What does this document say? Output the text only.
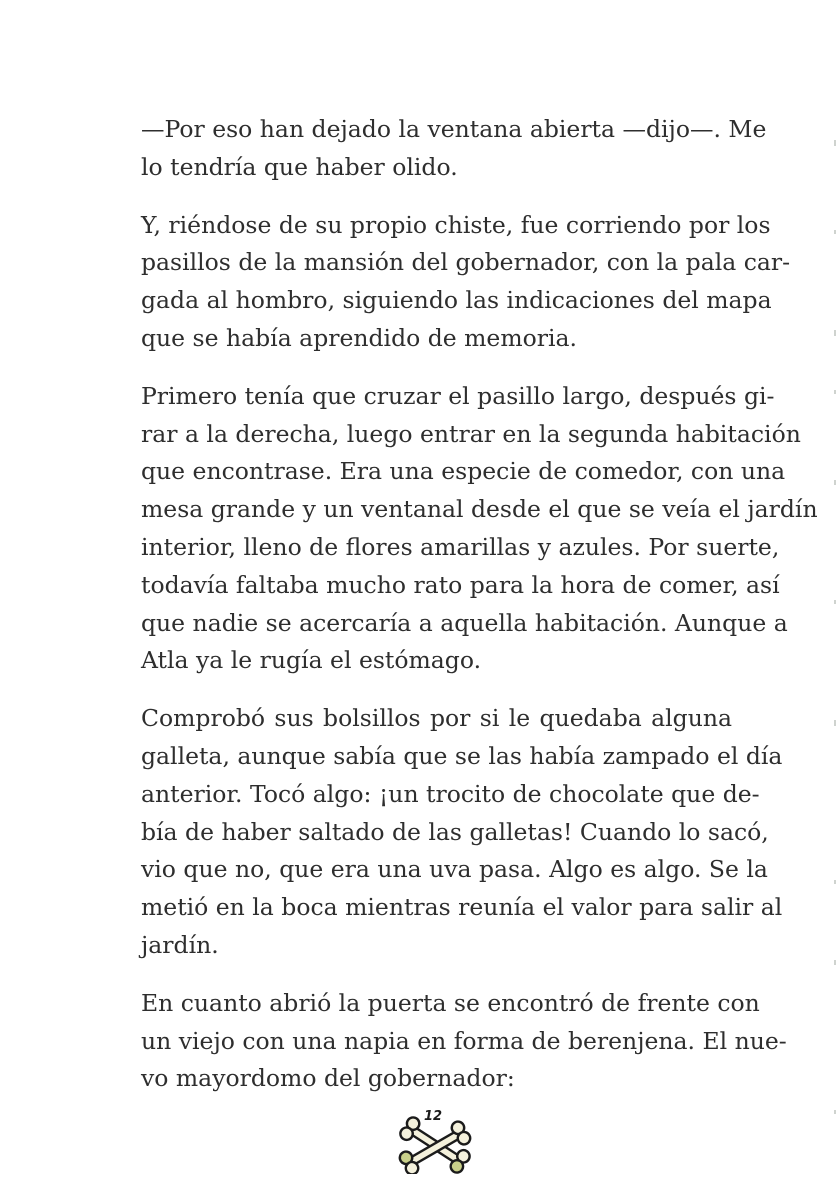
—Por eso han dejado la ventana abierta —dijo—. Me
lo tendría que haber olido.

Y, riéndose de su propio chiste, fue corriendo por los
pasillos de la mansión del gobernador, con la pala car-
gada al hombro, siguiendo las indicaciones del mapa
que se había aprendido de memoria.

Primero tenía que cruzar el pasillo largo, después gi-
rar a la derecha, luego entrar en la segunda habitación
que encontrase. Era una especie de comedor, con una
mesa grande y un ventanal desde el que se veía el jardín
interior, lleno de flores amarillas y azules. Por suerte,
todavía faltaba mucho rato para la hora de comer, así
que nadie se acercaría a aquella habitación. Aunque a
Atla ya le rugía el estómago.

Comprobó sus bolsillos por si le quedaba alguna
galleta, aunque sabía que se las había zampado el día
anterior. Tocó algo: ¡un trocito de chocolate que de-
bía de haber saltado de las galletas! Cuando lo sacó,
vio que no, que era una uva pasa. Algo es algo. Se la
metió en la boca mientras reunía el valor para salir al
jardín.

En cuanto abrió la puerta se encontró de frente con
un viejo con una napia en forma de berenjena. El nue-
vo mayordomo del gobernador:

12
